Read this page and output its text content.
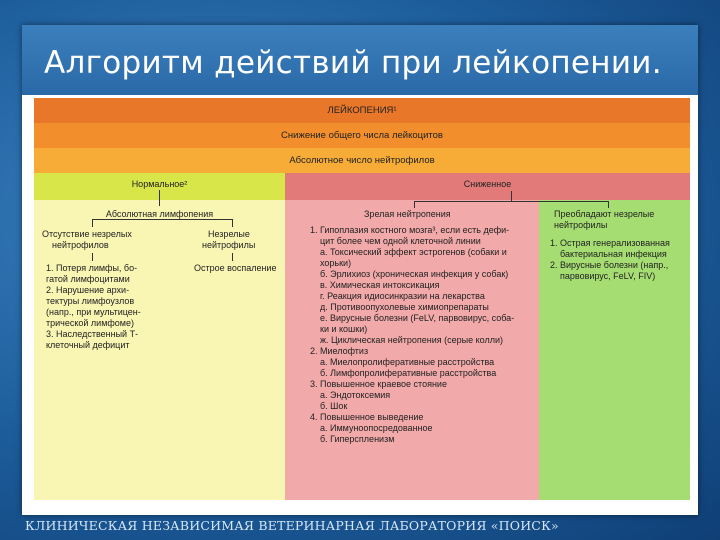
Алгоритм действий при лейкопении.
ЛЕЙКОПЕНИЯ¹
Снижение общего числа лейкоцитов
Абсолютное число нейтрофилов
Нормальное²	Сниженное
Абсолютная лимфопения
Отсутствие незрелых
нейтрофилов
Незрелые
нейтрофилы
1. Потеря лимфы, бо-
гатой лимфоцитами
2. Нарушение архи-
тектуры лимфоузлов
(напр., при мультицен-
трической лимфоме)
3. Наследственный Т-
клеточный дефицит
Острое воспаление
Зрелая нейтропения
1. Гипоплазия костного мозга³, если есть дефи-
цит более чем одной клеточной линии
а. Токсический эффект эстрогенов (собаки и
хорьки)
б. Эрлихиоз (хроническая инфекция у собак)
в. Химическая интоксикация
г. Реакция идиосинкразии на лекарства
д. Противоопухолевые химиопрепараты
е. Вирусные болезни (FeLV, парвовирус, соба-
ки и кошки)
ж. Циклическая нейтропения (серые колли)
2. Миелофтиз
а. Миелопролиферативные расстройства
б. Лимфопролиферативные расстройства
3. Повышенное краевое стояние
а. Эндотоксемия
б. Шок
4. Повышенное выведение
а. Иммуноопосредованное
б. Гиперспленизм
Преобладают незрелые
нейтрофилы
1. Острая генерализованная
бактериальная инфекция
2. Вирусные болезни (напр.,
парвовирус, FeLV, FIV)
КЛИНИЧЕСКАЯ НЕЗАВИСИМАЯ ВЕТЕРИНАРНАЯ ЛАБОРАТОРИЯ «ПОИСК»
